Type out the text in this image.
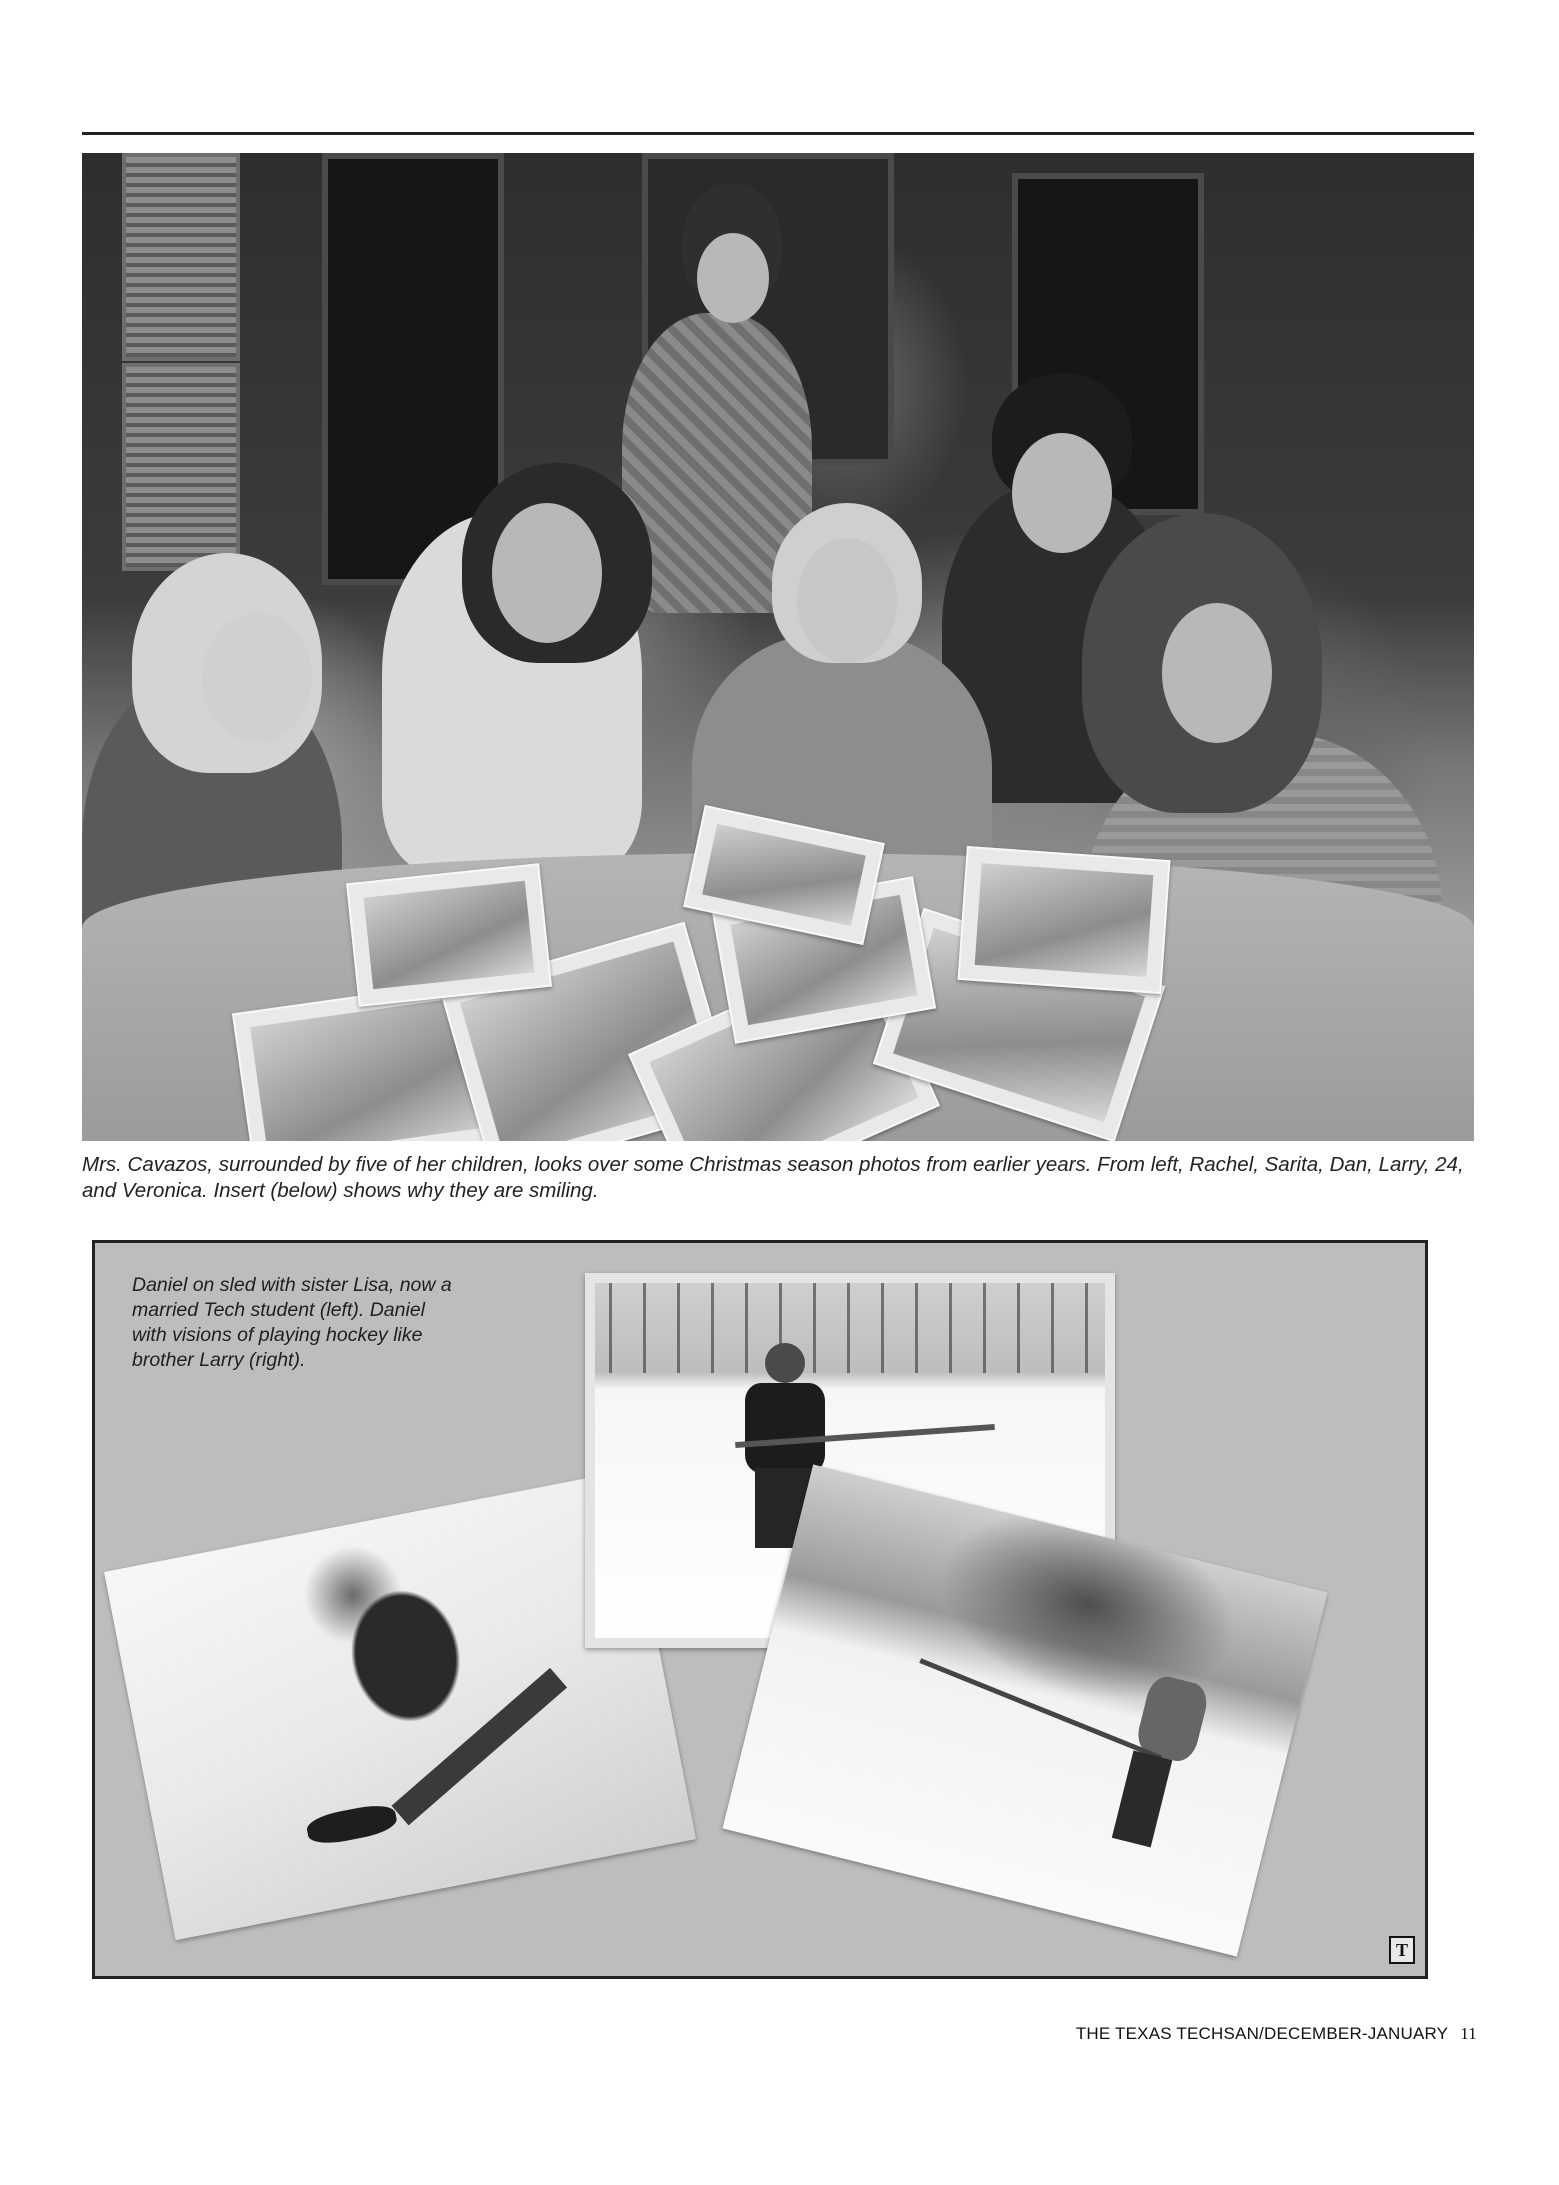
Mrs. Cavazos, surrounded by five of her children, looks over some Christmas season photos from earlier years. From left, Rachel, Sarita, Dan, Larry, 24, and Veronica. Insert (below) shows why they are smiling.
Daniel on sled with sister Lisa, now a married Tech student (left). Daniel with visions of playing hockey like brother Larry (right).
T
THE TEXAS TECHSAN/DECEMBER-JANUARY 11
